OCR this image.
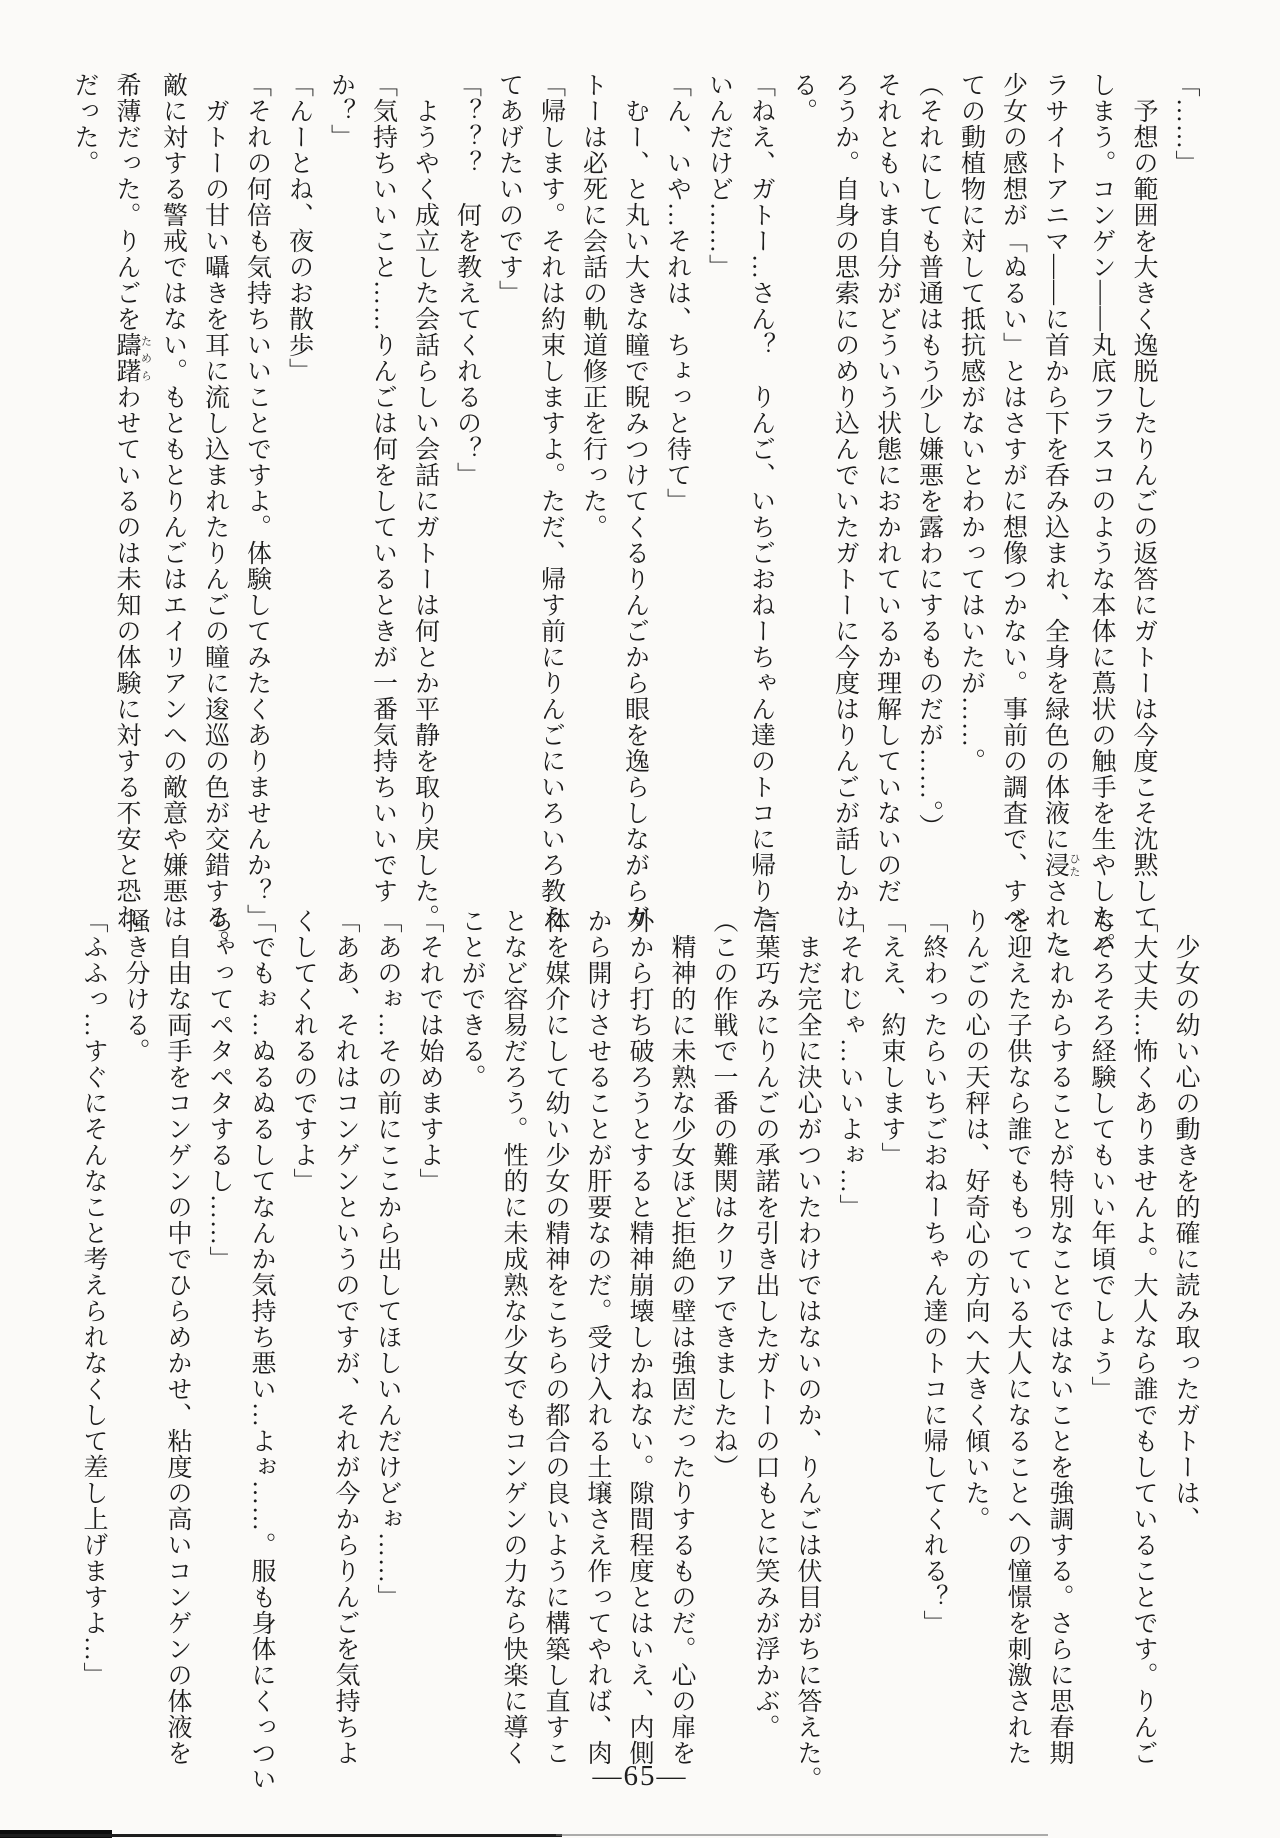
「……」

予想の範囲を大きく逸脱したりんごの返答にガトーは今度こそ沈黙して

しまう。コンゲン――丸底フラスコのような本体に蔦状の触手を生やしたパ

ラサイトアニマ――に首から下を呑み込まれ、全身を緑色の体液に浸 ひたされた

少女の感想が「ぬるい」とはさすがに想像つかない。事前の調査で、すべ

ての動植物に対して抵抗感がないとわかってはいたが……。

（それにしても普通はもう少し嫌悪を露わにするものだが……。）

それともいま自分がどういう状態におかれているか理解していないのだ

ろうか。自身の思索にのめり込んでいたガトーに今度はりんごが話しかけ

る。

「ねえ、ガトー…さん？　りんご、いちごおねーちゃん達のトコに帰りた

いんだけど……」

「ん、いや…それは、ちょっと待て」

むー、と丸い大きな瞳で睨みつけてくるりんごから眼を逸らしながらガ

トーは必死に会話の軌道修正を行った。

「帰します。それは約束しますよ。ただ、帰す前にりんごにいろいろ教え

てあげたいのです」

「？？？　何を教えてくれるの？」

ようやく成立した会話らしい会話にガトーは何とか平静を取り戻した。

「気持ちいいこと……りんごは何をしているときが一番気持ちいいです

か？」

「んーとね、夜のお散歩」

「それの何倍も気持ちいいことですよ。体験してみたくありませんか？」

ガトーの甘い囁きを耳に流し込まれたりんごの瞳に逡巡の色が交錯する。

敵に対する警戒ではない。もともとりんごはエイリアンへの敵意や嫌悪は

希薄だった。りんごを躊躇 ためらわせているのは未知の体験に対する不安と恐れ

だった。

少女の幼い心の動きを的確に読み取ったガトーは、

「大丈夫…怖くありませんよ。大人なら誰でもしていることです。りんご

もそろそろ経験してもいい年頃でしょう」

これからすることが特別なことではないことを強調する。さらに思春期

を迎えた子供なら誰でももっている大人になることへの憧憬を刺激された

りんごの心の天秤は、好奇心の方向へ大きく傾いた。

「終わったらいちごおねーちゃん達のトコに帰してくれる？」

「ええ、約束します」

「それじゃ…いいよぉ…」

まだ完全に決心がついたわけではないのか、りんごは伏目がちに答えた。

言葉巧みにりんごの承諾を引き出したガトーの口もとに笑みが浮かぶ。

（この作戦で一番の難関はクリアできましたね）

精神的に未熟な少女ほど拒絶の壁は強固だったりするものだ。心の扉を

外から打ち破ろうとすると精神崩壊しかねない。隙間程度とはいえ、内側

から開けさせることが肝要なのだ。受け入れる土壌さえ作ってやれば、肉

体を媒介にして幼い少女の精神をこちらの都合の良いように構築し直すこ

となど容易だろう。性的に未成熟な少女でもコンゲンの力なら快楽に導く

ことができる。

「それでは始めますよ」

「あのぉ…その前にここから出してほしいんだけどぉ……」

「ああ、それはコンゲンというのですが、それが今からりんごを気持ちよ

くしてくれるのですよ」

「でもぉ…ぬるぬるしてなんか気持ち悪い…よぉ……。服も身体にくっつい

ちゃってペタペタするし……」

自由な両手をコンゲンの中でひらめかせ、粘度の高いコンゲンの体液を

掻き分ける。

「ふふっ…すぐにそんなこと考えられなくして差し上げますよ…」

―65―
